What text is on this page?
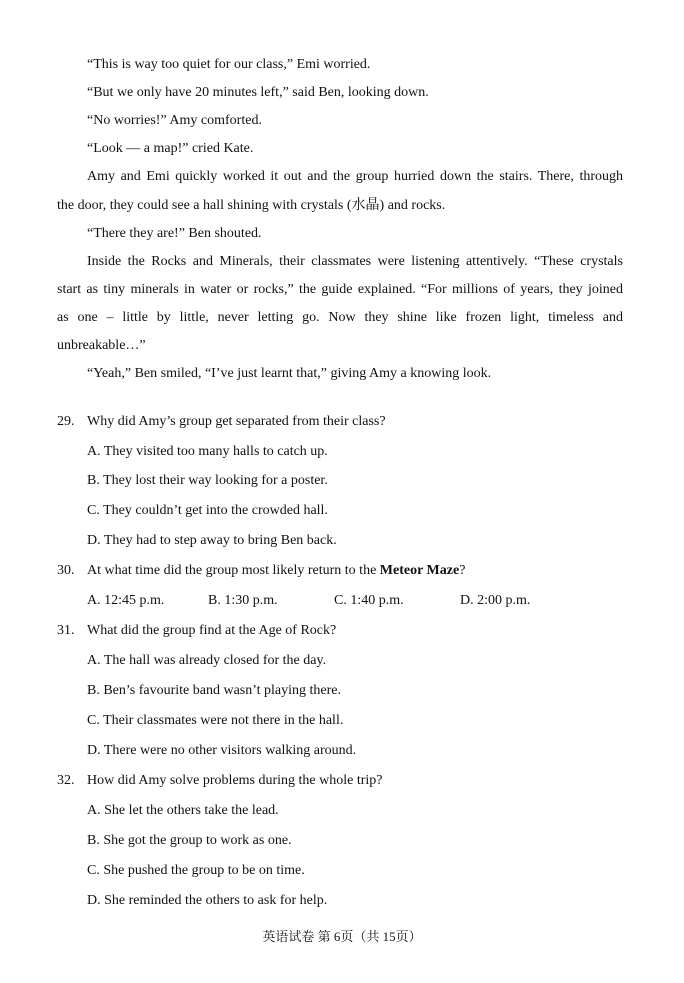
“This is way too quiet for our class,” Emi worried.
“But we only have 20 minutes left,” said Ben, looking down.
“No worries!” Amy comforted.
“Look — a map!” cried Kate.
Amy and Emi quickly worked it out and the group hurried down the stairs. There, through
the door, they could see a hall shining with crystals (水晶) and rocks.
“There they are!” Ben shouted.
Inside the Rocks and Minerals, their classmates were listening attentively. “These crystals
start as tiny minerals in water or rocks,” the guide explained. “For millions of years, they joined
as one – little by little, never letting go. Now they shine like frozen light, timeless and
unbreakable…”
“Yeah,” Ben smiled, “I’ve just learnt that,” giving Amy a knowing look.
29. Why did Amy’s group get separated from their class?
A. They visited too many halls to catch up.
B. They lost their way looking for a poster.
C. They couldn’t get into the crowded hall.
D. They had to step away to bring Ben back.
30. At what time did the group most likely return to the Meteor Maze?
A. 12:45 p.m.	B. 1:30 p.m.	C. 1:40 p.m.	D. 2:00 p.m.
31. What did the group find at the Age of Rock?
A. The hall was already closed for the day.
B. Ben’s favourite band wasn’t playing there.
C. Their classmates were not there in the hall.
D. There were no other visitors walking around.
32. How did Amy solve problems during the whole trip?
A. She let the others take the lead.
B. She got the group to work as one.
C. She pushed the group to be on time.
D. She reminded the others to ask for help.
英语试卷 第 6页（共 15页）
